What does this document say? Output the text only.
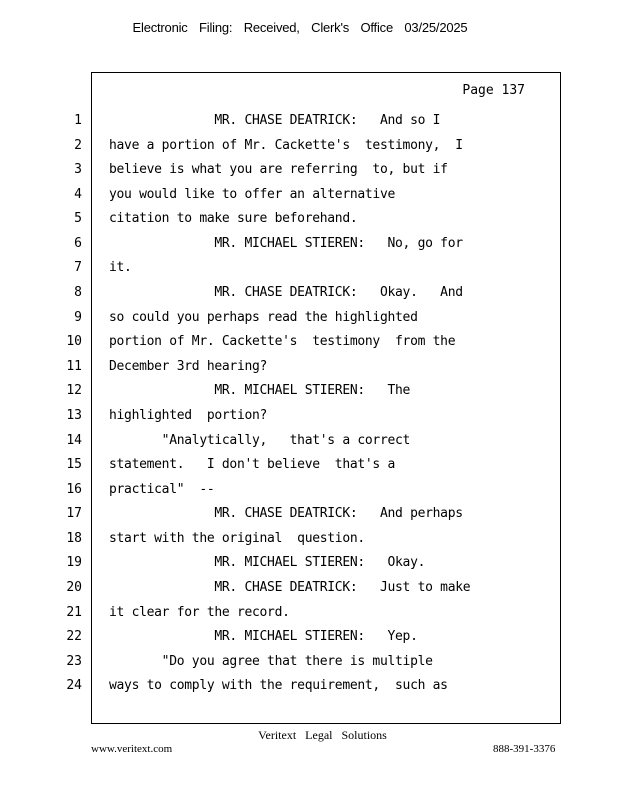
Electronic Filing: Received, Clerk's Office 03/25/2025
Page 137
1 MR. CHASE DEATRICK:   And so I
2 have a portion of Mr. Cackette's  testimony,  I
3 believe is what you are referring  to, but if
4 you would like to offer an alternative
5 citation to make sure beforehand.
6 MR. MICHAEL STIEREN:   No, go for
7 it.
8 MR. CHASE DEATRICK:   Okay.   And
9 so could you perhaps read the highlighted
10 portion of Mr. Cackette's  testimony  from the
11 December 3rd hearing?
12 MR. MICHAEL STIEREN:   The
13 highlighted  portion?
14 "Analytically,   that's a correct
15 statement.   I don't believe  that's a
16 practical"  --
17 MR. CHASE DEATRICK:   And perhaps
18 start with the original  question.
19 MR. MICHAEL STIEREN:   Okay.
20 MR. CHASE DEATRICK:   Just to make
21 it clear for the record.
22 MR. MICHAEL STIEREN:   Yep.
23 "Do you agree that there is multiple
24 ways to comply with the requirement,  such as
Veritext Legal Solutions
www.veritext.com	888-391-3376
